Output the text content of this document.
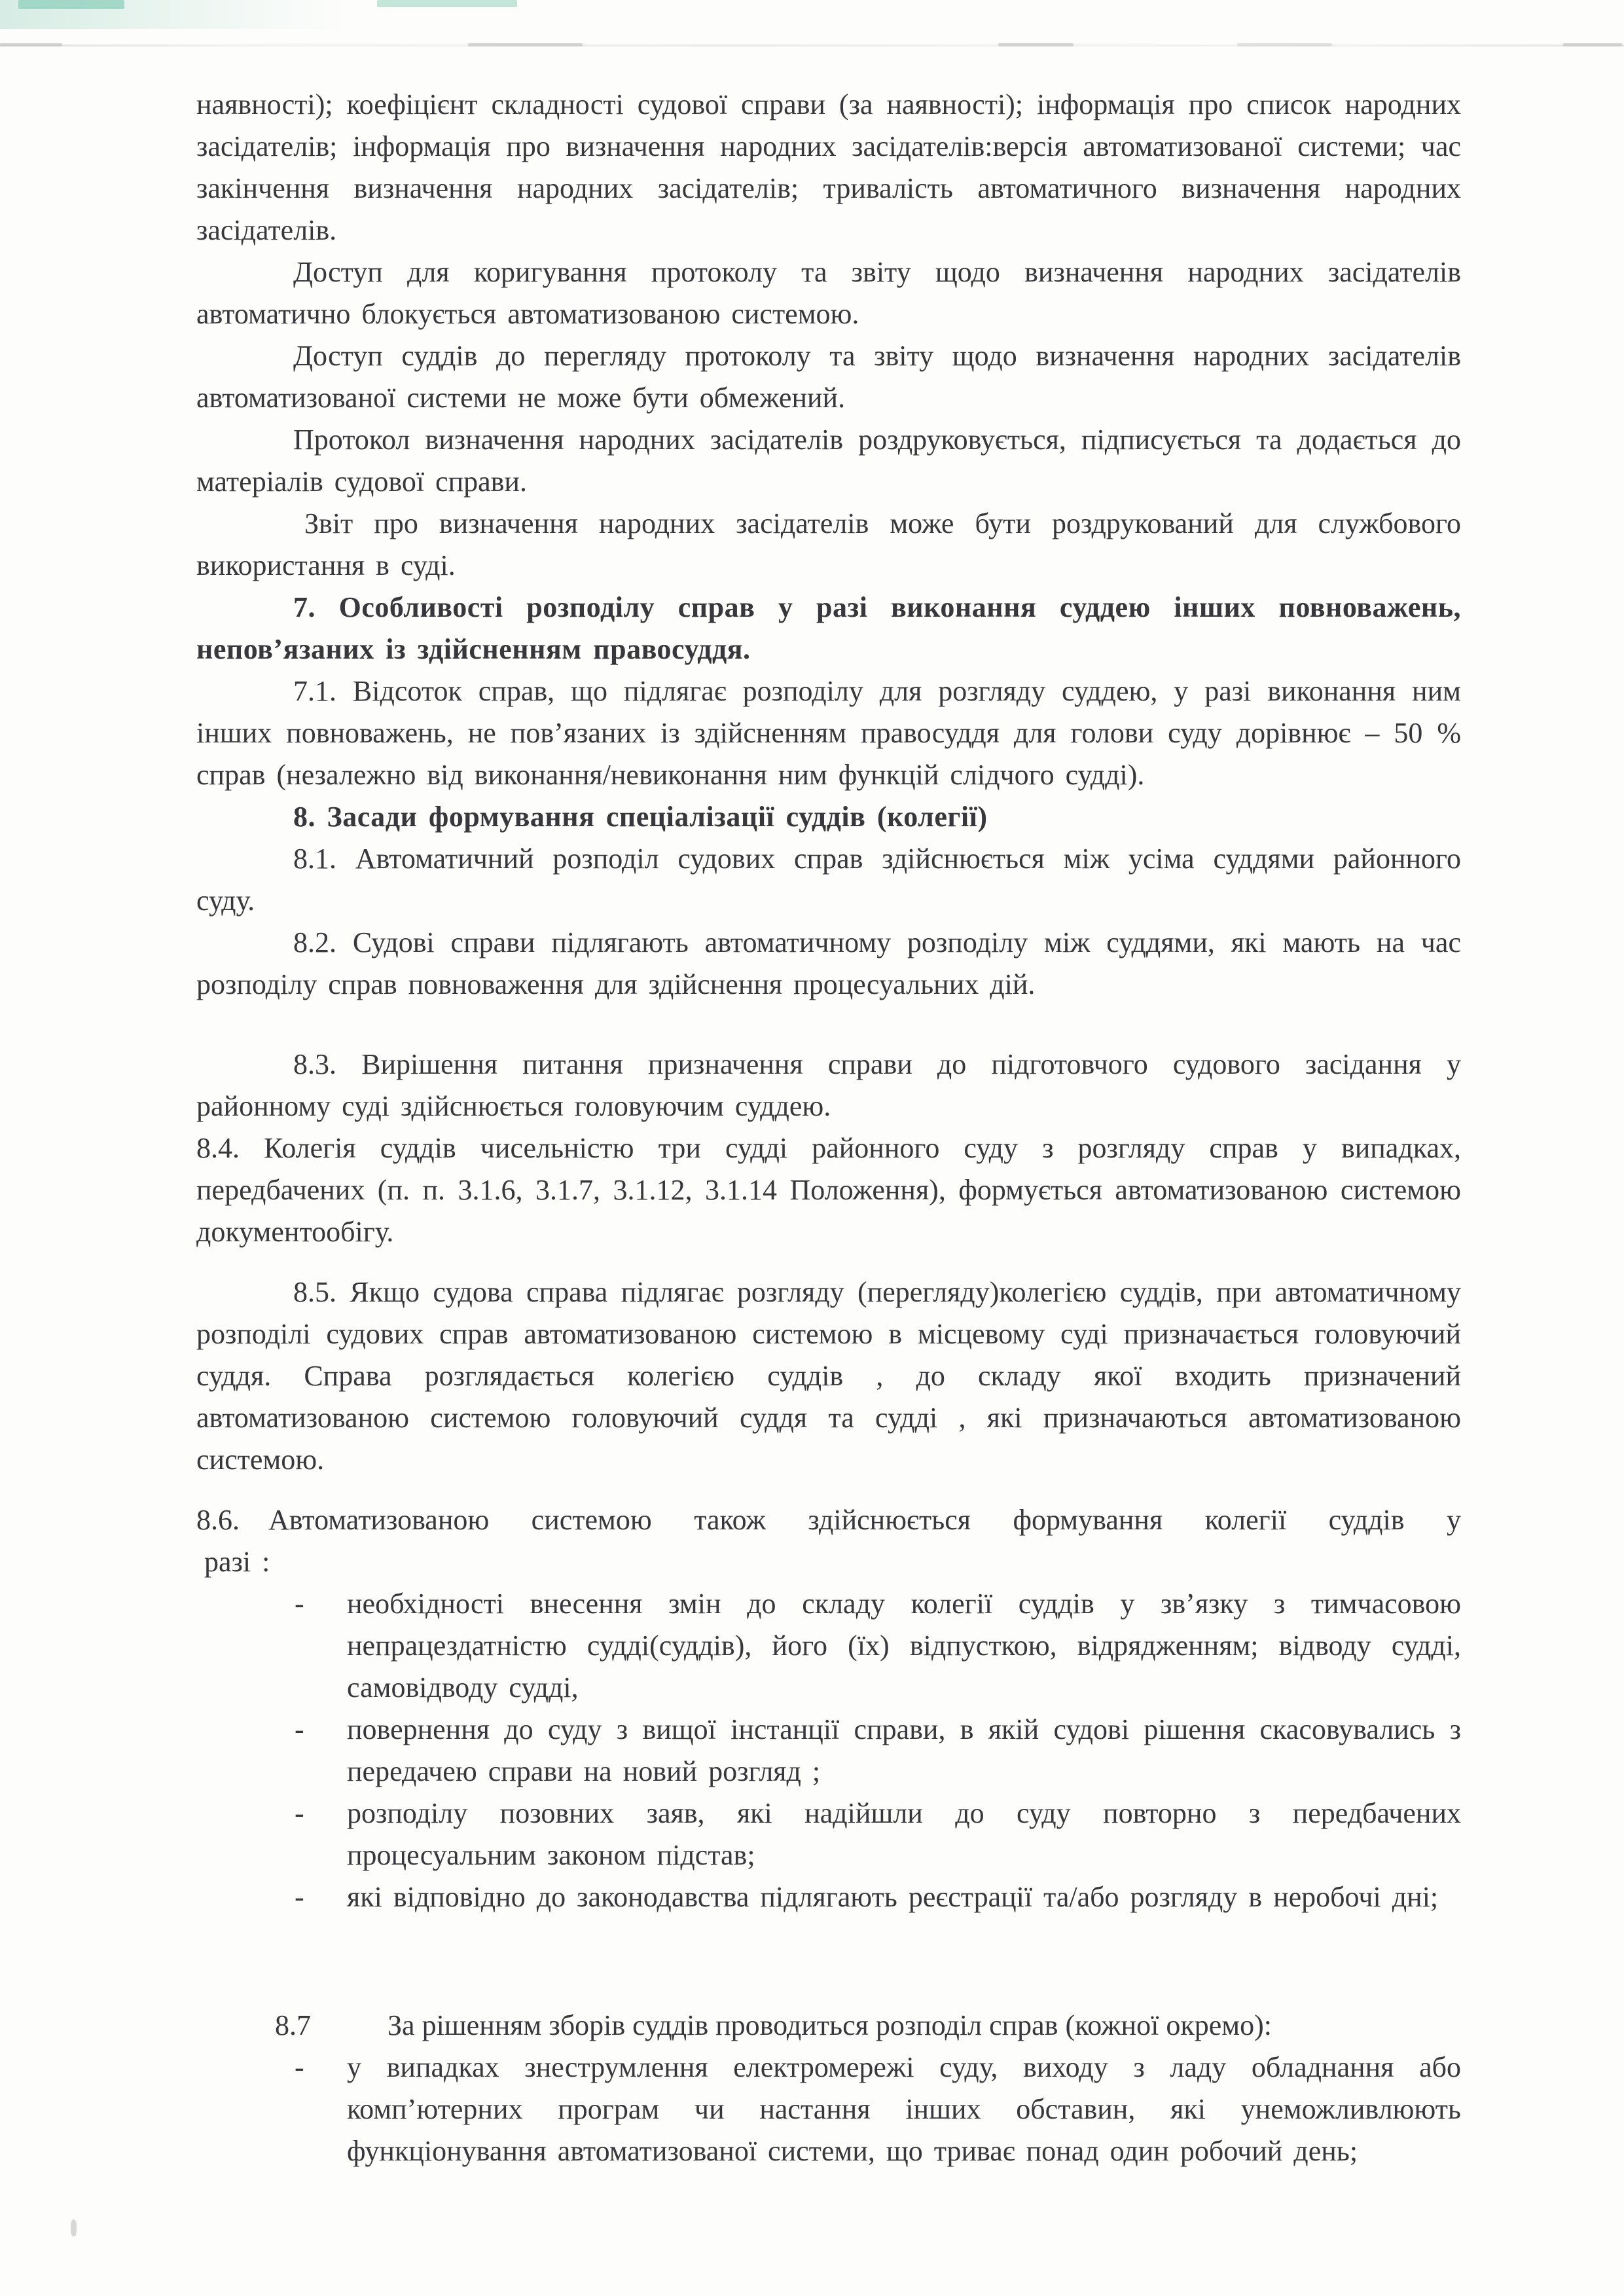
наявності); коефіцієнт складності судової справи (за наявності); інформація про список народних засідателів; інформація про визначення народних засідателів:версія автоматизованої системи; час закінчення визначення народних засідателів; тривалість автоматичного визначення народних засідателів.

Доступ для коригування протоколу та звіту щодо визначення народних засідателів автоматично блокується автоматизованою системою.

Доступ суддів до перегляду протоколу та звіту щодо визначення народних засідателів автоматизованої системи не може бути обмежений.

Протокол визначення народних засідателів роздруковується, підписується та додається до матеріалів судової справи.

Звіт про визначення народних засідателів може бути роздрукований для службового використання в суді.

7. Особливості розподілу справ у разі виконання суддею інших повноважень, непов’язаних із здійсненням правосуддя.

7.1. Відсоток справ, що підлягає розподілу для розгляду суддею, у разі виконання ним інших повноважень, не пов’язаних із здійсненням правосуддя для голови суду дорівнює – 50 % справ (незалежно від виконання/невиконання ним функцій слідчого судді).

8. Засади формування спеціалізації суддів (колегії)

8.1. Автоматичний розподіл судових справ здійснюється між усіма суддями районного суду.

8.2. Судові справи підлягають автоматичному розподілу між суддями, які мають на час розподілу справ повноваження для здійснення процесуальних дій.

8.3. Вирішення питання призначення справи до підготовчого судового засідання у районному суді здійснюється головуючим суддею.

8.4. Колегія суддів чисельністю три судді районного суду з розгляду справ у випадках, передбачених (п. п. 3.1.6, 3.1.7, 3.1.12, 3.1.14 Положення), формується автоматизованою системою документообігу.

8.5. Якщо судова справа підлягає розгляду (перегляду)колегією суддів, при автоматичному розподілі судових справ автоматизованою системою в місцевому суді призначається головуючий суддя. Справа розглядається колегією суддів , до складу якої входить призначений автоматизованою системою головуючий суддя та судді , які призначаються автоматизованою системою.

8.6. Автоматизованою системою також здійснюється формування колегії суддів у

разі :

-	необхідності внесення змін до складу колегії суддів у зв’язку з тимчасовою непрацездатністю судді(суддів), його (їх) відпусткою, відрядженням; відводу судді, самовідводу судді,
-	повернення до суду з вищої інстанції справи, в якій судові рішення скасовувались з передачею справи на новий розгляд ;
-	розподілу позовних заяв, які надійшли до суду повторно з передбачених процесуальним законом підстав;
-	які відповідно до законодавства підлягають реєстрації та/або розгляду в неробочі дні;
8.7	За рішенням зборів суддів проводиться розподіл справ (кожної окремо):
-	у випадках знеструмлення електромережі суду, виходу з ладу обладнання або комп’ютерних програм чи настання інших обставин, які унеможливлюють функціонування автоматизованої системи, що триває понад один робочий день;
